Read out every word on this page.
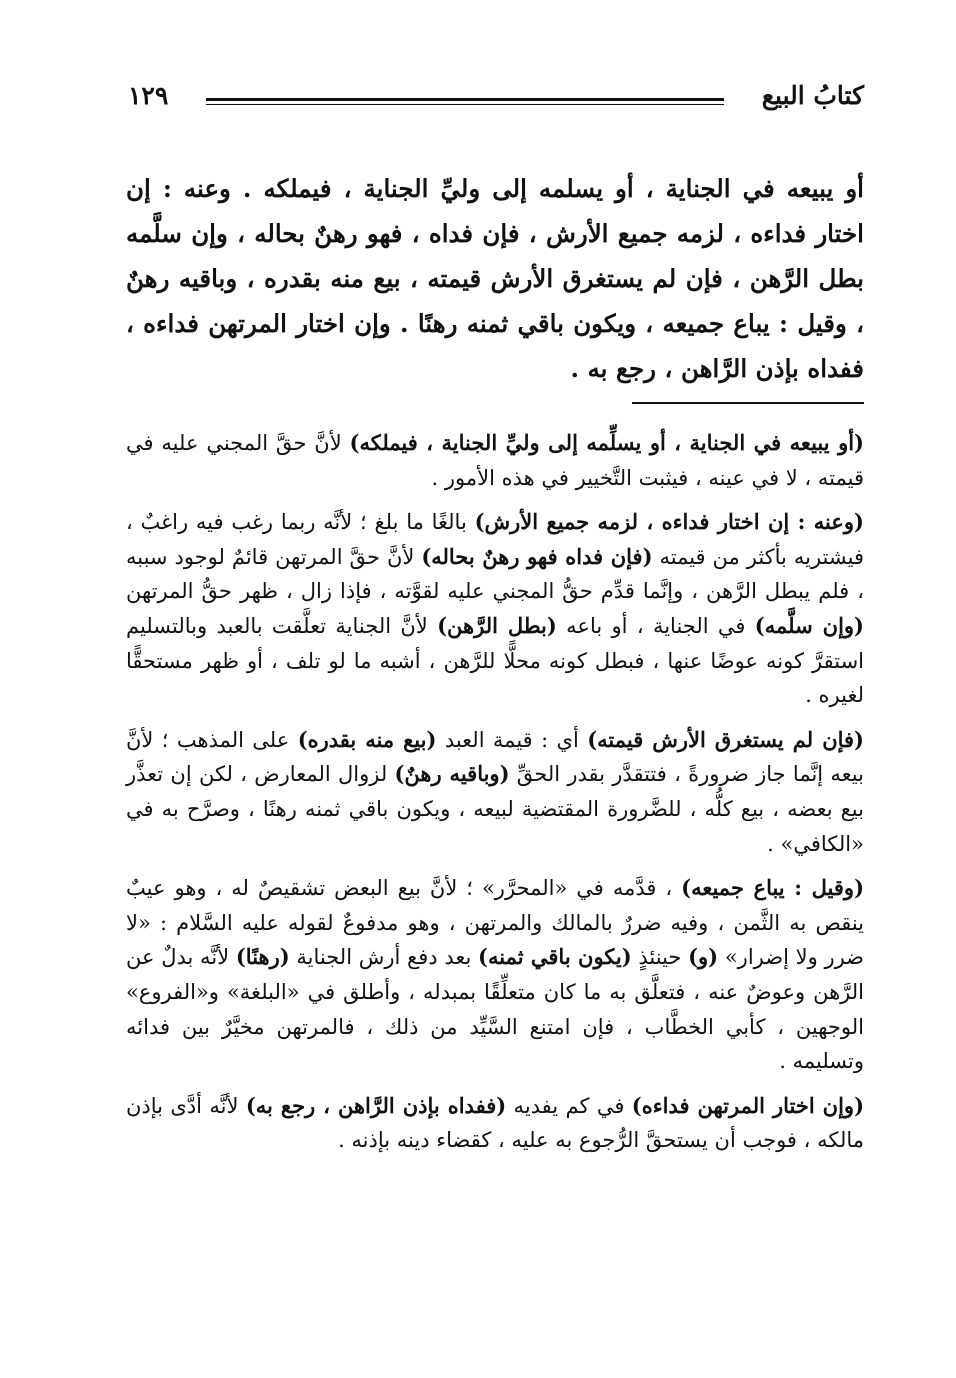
كتابُ البيع
١٢٩
أو يبيعه في الجناية ، أو يسلمه إلى وليِّ الجناية ، فيملكه . وعنه : إن اختار فداءه ، لزمه جميع الأرش ، فإن فداه ، فهو رهنٌ بحاله ، وإن سلَّمه بطل الرَّهن ، فإن لم يستغرق الأرش قيمته ، بيع منه بقدره ، وباقيه رهنٌ ، وقيل : يباع جميعه ، ويكون باقي ثمنه رهنًا . وإن اختار المرتهن فداءه ، ففداه بإذن الرَّاهن ، رجع به .

(أو يبيعه في الجناية ، أو يسلِّمه إلى وليِّ الجناية ، فيملكه) لأنَّ حقَّ المجني عليه في قيمته ، لا في عينه ، فيثبت التَّخيير في هذه الأمور .

(وعنه : إن اختار فداءه ، لزمه جميع الأرش) بالغًا ما بلغ ؛ لأنَّه ربما رغب فيه راغبٌ ، فيشتريه بأكثر من قيمته (فإن فداه فهو رهنٌ بحاله) لأنَّ حقَّ المرتهن قائمٌ لوجود سببه ، فلم يبطل الرَّهن ، وإنَّما قدِّم حقُّ المجني عليه لقوَّته ، فإذا زال ، ظهر حقُّ المرتهن (وإن سلَّمه) في الجناية ، أو باعه (بطل الرَّهن) لأنَّ الجناية تعلَّقت بالعبد وبالتسليم استقرَّ كونه عوضًا عنها ، فبطل كونه محلًّا للرَّهن ، أشبه ما لو تلف ، أو ظهر مستحقًّا لغيره .

(فإن لم يستغرق الأرش قيمته) أي : قيمة العبد (بيع منه بقدره) على المذهب ؛ لأنَّ بيعه إنَّما جاز ضرورةً ، فتتقدَّر بقدر الحقِّ (وباقيه رهنٌ) لزوال المعارض ، لكن إن تعذَّر بيع بعضه ، بيع كلُّه ، للضَّرورة المقتضية لبيعه ، ويكون باقي ثمنه رهنًا ، وصرَّح به في «الكافي» .

(وقيل : يباع جميعه) ، قدَّمه في «المحرَّر» ؛ لأنَّ بيع البعض تشقيصٌ له ، وهو عيبٌ ينقص به الثَّمن ، وفيه ضررٌ بالمالك والمرتهن ، وهو مدفوعٌ لقوله عليه السَّلام : «لا ضرر ولا إضرار» (و) حينئذٍ (يكون باقي ثمنه) بعد دفع أرش الجناية (رهنًا) لأنَّه بدلٌ عن الرَّهن وعوضٌ عنه ، فتعلَّق به ما كان متعلِّقًا بمبدله ، وأطلق في «البلغة» و«الفروع» الوجهين ، كأبي الخطَّاب ، فإن امتنع السَّيِّد من ذلك ، فالمرتهن مخيَّرٌ بين فدائه وتسليمه .

(وإن اختار المرتهن فداءه) في كم يفديه (ففداه بإذن الرَّاهن ، رجع به) لأنَّه أدَّى بإذن مالكه ، فوجب أن يستحقَّ الرُّجوع به عليه ، كقضاء دينه بإذنه .
